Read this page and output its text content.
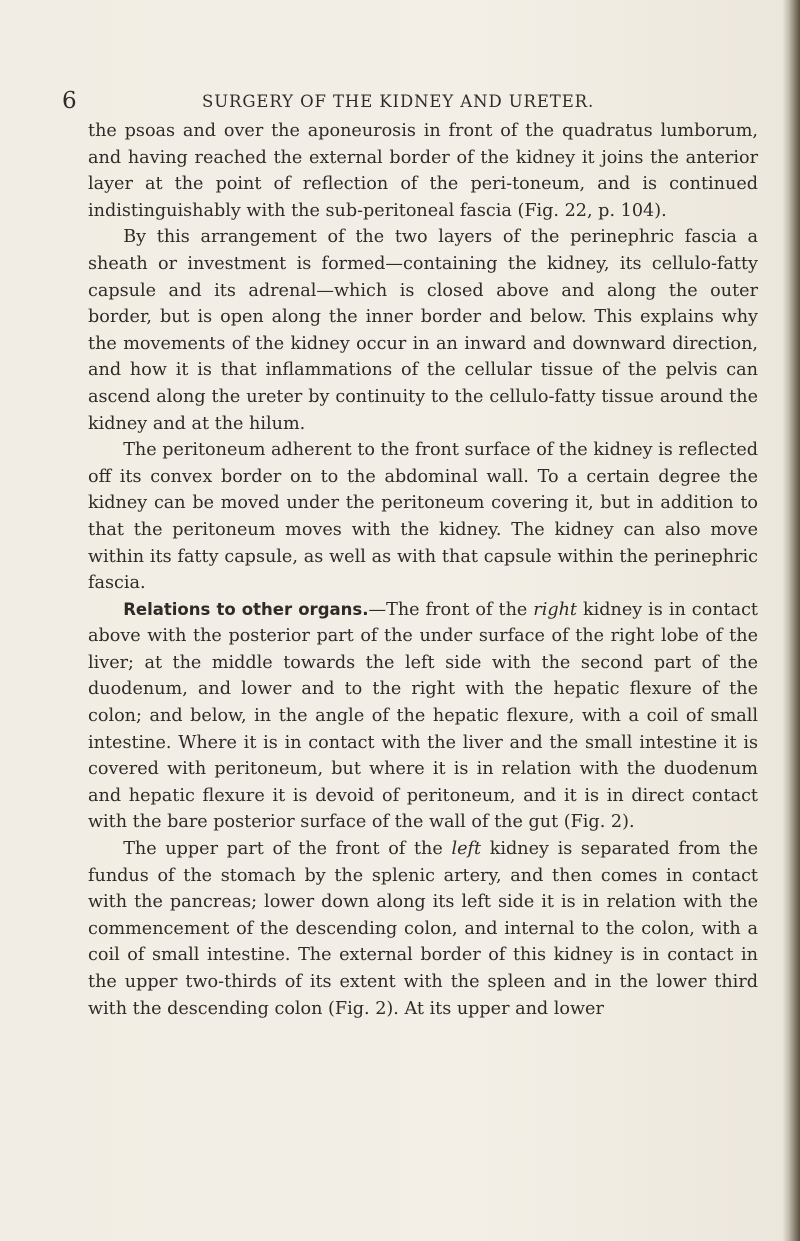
6	SURGERY OF THE KIDNEY AND URETER.

the psoas and over the aponeurosis in front of the quadratus lumborum, and having reached the external border of the kidney it joins the anterior layer at the point of reflection of the peri-toneum, and is continued indistinguishably with the sub-peritoneal fascia (Fig. 22, p. 104).

By this arrangement of the two layers of the perinephric fascia a sheath or investment is formed—containing the kidney, its cellulo-fatty capsule and its adrenal—which is closed above and along the outer border, but is open along the inner border and below. This explains why the movements of the kidney occur in an inward and downward direction, and how it is that inflammations of the cellular tissue of the pelvis can ascend along the ureter by continuity to the cellulo-fatty tissue around the kidney and at the hilum.

The peritoneum adherent to the front surface of the kidney is reflected off its convex border on to the abdominal wall. To a certain degree the kidney can be moved under the peritoneum covering it, but in addition to that the peritoneum moves with the kidney. The kidney can also move within its fatty capsule, as well as with that capsule within the perinephric fascia.

Relations to other organs.—The front of the right kidney is in contact above with the posterior part of the under surface of the right lobe of the liver; at the middle towards the left side with the second part of the duodenum, and lower and to the right with the hepatic flexure of the colon; and below, in the angle of the hepatic flexure, with a coil of small intestine. Where it is in contact with the liver and the small intestine it is covered with peritoneum, but where it is in relation with the duodenum and hepatic flexure it is devoid of peritoneum, and it is in direct contact with the bare posterior surface of the wall of the gut (Fig. 2).

The upper part of the front of the left kidney is separated from the fundus of the stomach by the splenic artery, and then comes in contact with the pancreas; lower down along its left side it is in relation with the commencement of the descending colon, and internal to the colon, with a coil of small intestine. The external border of this kidney is in contact in the upper two-thirds of its extent with the spleen and in the lower third with the descending colon (Fig. 2). At its upper and lower
